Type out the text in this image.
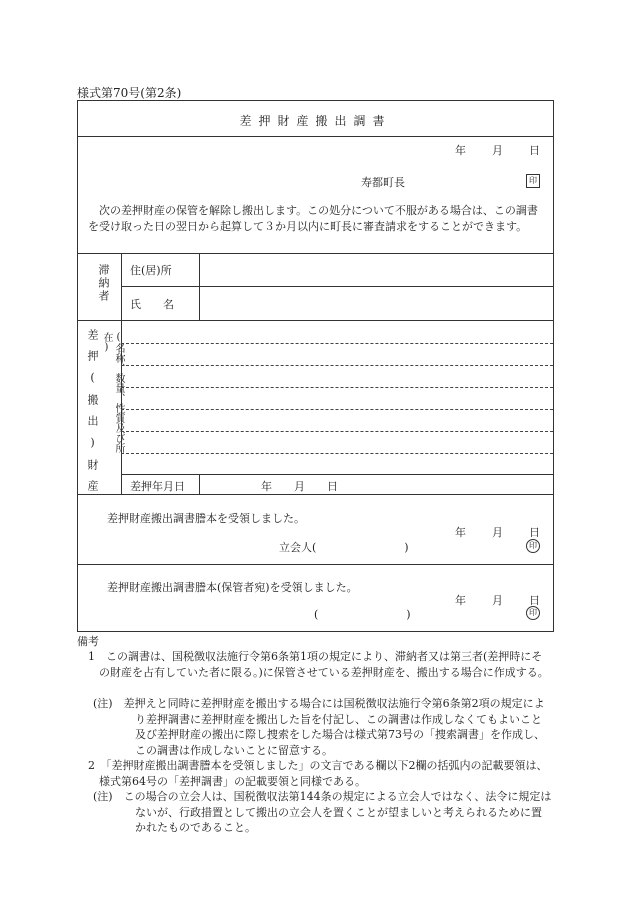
様式第70号(第2条)
差押財産搬出調書
年 月 日
寿都町長	印
次の差押財産の保管を解除し搬出します。この処分について不服がある場合は、この調書を受け取った日の翌日から起算して３か月以内に町長に審査請求をすることができます。
滞納者 住(居)所
氏　　名
差押(搬出)財産	(名称、数量、性質及び所在)
差押年月日	年　　月　　日
差押財産搬出調書謄本を受領しました。
年 月 日
立会人(　　　　　　　　)	印
差押財産搬出調書謄本(保管者宛)を受領しました。
年 月 日
(　　　　　　　　)	印
備考
1　この調書は、国税徴収法施行令第6条第1項の規定により、滞納者又は第三者(差押時にその財産を占有していた者に限る。)に保管させている差押財産を、搬出する場合に作成する。
(注)　差押えと同時に差押財産を搬出する場合には国税徴収法施行令第6条第2項の規定により差押調書に差押財産を搬出した旨を付記し、この調書は作成しなくてもよいこと及び差押財産の搬出に際し捜索をした場合は様式第73号の「捜索調書」を作成し、この調書は作成しないことに留意する。
2　「差押財産搬出調書謄本を受領しました」の文言である欄以下2欄の括弧内の記載要領は、様式第64号の「差押調書」の記載要領と同様である。
(注)　この場合の立会人は、国税徴収法第144条の規定による立会人ではなく、法令に規定はないが、行政措置として搬出の立会人を置くことが望ましいと考えられるために置かれたものであること。
